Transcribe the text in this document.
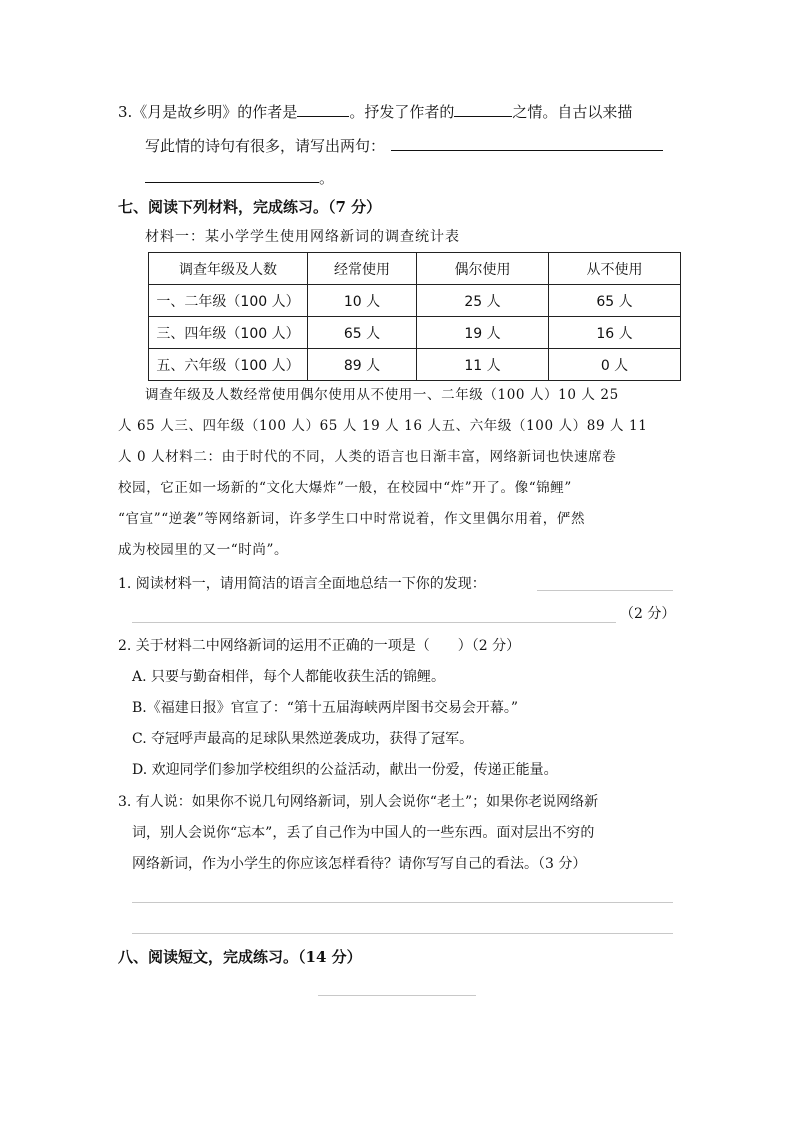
3.《月是故乡明》的作者是	。抒发了作者的	之情。自古以来描
写此情的诗句有很多，请写出两句：
。
七、阅读下列材料，完成练习。（7 分）
材料一：某小学学生使用网络新词的调查统计表
调查年级及人数	经常使用	偶尔使用	从不使用
一、二年级（100 人）	10 人	25 人	65 人
三、四年级（100 人）	65 人	19 人	16 人
五、六年级（100 人）	89 人	11 人	0 人
调查年级及人数经常使用偶尔使用从不使用一、二年级（100 人）10 人 25
人 65 人三、四年级（100 人）65 人 19 人 16 人五、六年级（100 人）89 人 11
人 0 人材料二：由于时代的不同，人类的语言也日渐丰富，网络新词也快速席卷
校园，它正如一场新的“文化大爆炸”一般，在校园中“炸”开了。像“锦鲤”
“官宣”“逆袭”等网络新词，许多学生口中时常说着，作文里偶尔用着，俨然
成为校园里的又一“时尚”。
1. 阅读材料一，请用简洁的语言全面地总结一下你的发现：
（2 分）
2. 关于材料二中网络新词的运用不正确的一项是（　　）（2 分）
A. 只要与勤奋相伴，每个人都能收获生活的锦鲤。
B.《福建日报》官宣了：“第十五届海峡两岸图书交易会开幕。”
C. 夺冠呼声最高的足球队果然逆袭成功，获得了冠军。
D. 欢迎同学们参加学校组织的公益活动，献出一份爱，传递正能量。
3. 有人说：如果你不说几句网络新词，别人会说你“老土”；如果你老说网络新
词，别人会说你“忘本”，丢了自己作为中国人的一些东西。面对层出不穷的
网络新词，作为小学生的你应该怎样看待？请你写写自己的看法。（3 分）
八、阅读短文，完成练习。（14 分）
